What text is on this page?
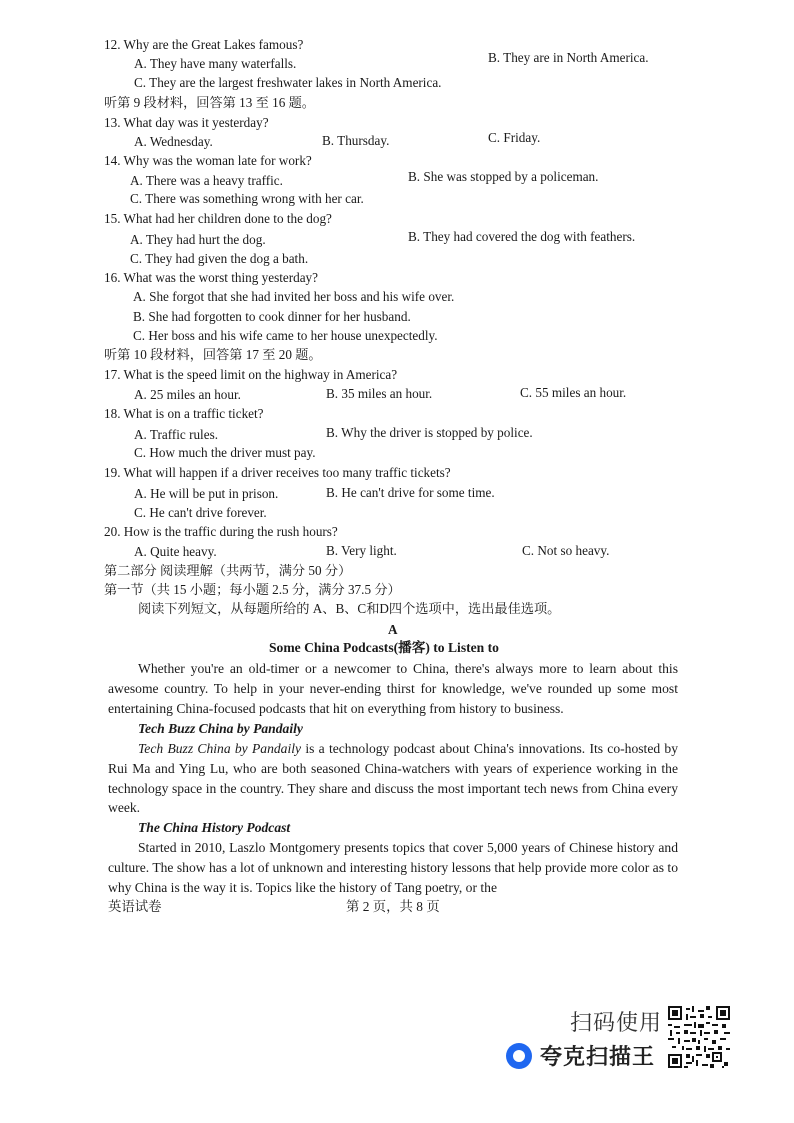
12. Why are the Great Lakes famous?
A. They have many waterfalls.	B. They are in North America.
C. They are the largest freshwater lakes in North America.
听第 9 段材料，回答第 13 至 16 题。
13. What day was it yesterday?
A. Wednesday.	B. Thursday.	C. Friday.
14. Why was the woman late for work?
A. There was a heavy traffic.	B. She was stopped by a policeman.
C. There was something wrong with her car.
15. What had her children done to the dog?
A. They had hurt the dog.	B. They had covered the dog with feathers.
C. They had given the dog a bath.
16. What was the worst thing yesterday?
A. She forgot that she had invited her boss and his wife over.
B. She had forgotten to cook dinner for her husband.
C. Her boss and his wife came to her house unexpectedly.
听第 10 段材料，回答第 17 至 20 题。
17. What is the speed limit on the highway in America?
A. 25 miles an hour.	B. 35 miles an hour.	C. 55 miles an hour.
18. What is on a traffic ticket?
A. Traffic rules.	B. Why the driver is stopped by police.
C. How much the driver must pay.
19. What will happen if a driver receives too many traffic tickets?
A. He will be put in prison.	B. He can't drive for some time.
C. He can't drive forever.
20. How is the traffic during the rush hours?
A. Quite heavy.	B. Very light.	C. Not so heavy.
第二部分 阅读理解（共两节，满分 50 分）
第一节（共 15 小题；每小题 2.5 分，满分 37.5 分）
阅读下列短文，从每题所给的 A、B、C和D四个选项中，选出最佳选项。
A
Some China Podcasts(播客) to Listen to
Whether you're an old-timer or a newcomer to China, there's always more to learn about this awesome country. To help in your never-ending thirst for knowledge, we've rounded up some most entertaining China-focused podcasts that hit on everything from history to business.
Tech Buzz China by Pandaily
Tech Buzz China by Pandaily is a technology podcast about China's innovations. Its co-hosted by Rui Ma and Ying Lu, who are both seasoned China-watchers with years of experience working in the technology space in the country. They share and discuss the most important tech news from China every week.
The China History Podcast
Started in 2010, Laszlo Montgomery presents topics that cover 5,000 years of Chinese history and culture. The show has a lot of unknown and interesting history lessons that help provide more color as to why China is the way it is. Topics like the history of Tang poetry, or the
英语试卷	第 2 页，共 8 页
扫码使用
夸克扫描王
